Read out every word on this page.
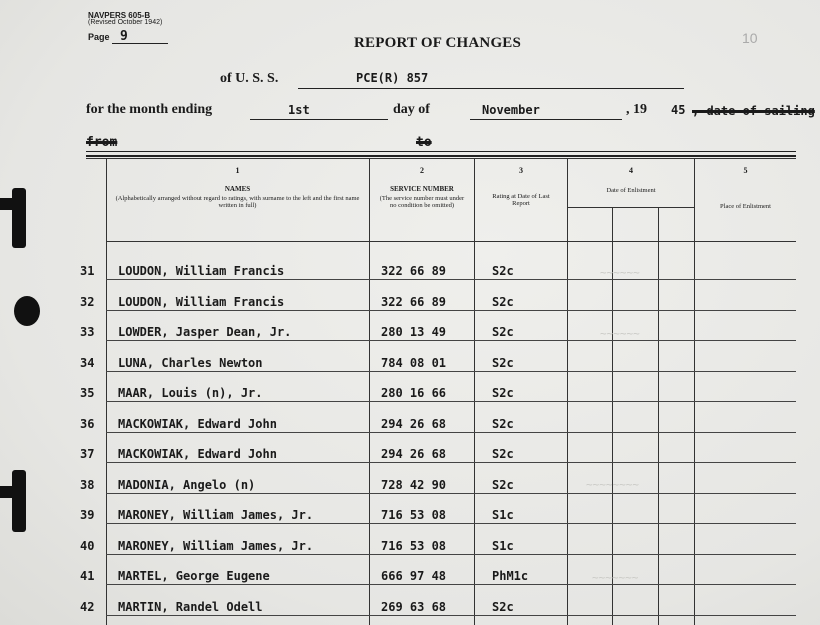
NAVPERS 605-B
(Revised October 1942)
Page 9	10
REPORT OF CHANGES
of U. S. S.	PCE(R) 857
for the month ending	1st	day of	November	, 19 45 , date of sailing
from	to
1
NAMES
(Alphabetically arranged without regard to ratings, with surname to the left and the first name written in full)
2
SERVICE NUMBER
(The service number must under no condition be omitted)
3
Rating at Date of Last Report
4
Date of Enlistment
5
Place of Enlistment
~~~~~~
~~~~~~
~~~~~~~~
~~~~~~~
31 LOUDON, William Francis	322 66 89	S2c
32 LOUDON, William Francis	322 66 89	S2c
33 LOWDER, Jasper Dean, Jr.	280 13 49	S2c
34 LUNA, Charles Newton	784 08 01	S2c
35 MAAR, Louis (n), Jr.	280 16 66	S2c
36 MACKOWIAK, Edward John	294 26 68	S2c
37 MACKOWIAK, Edward John	294 26 68	S2c
38 MADONIA, Angelo (n)	728 42 90	S2c
39 MARONEY, William James, Jr.	716 53 08	S1c
40 MARONEY, William James, Jr.	716 53 08	S1c
41 MARTEL, George Eugene	666 97 48	PhM1c
42 MARTIN, Randel Odell	269 63 68	S2c
